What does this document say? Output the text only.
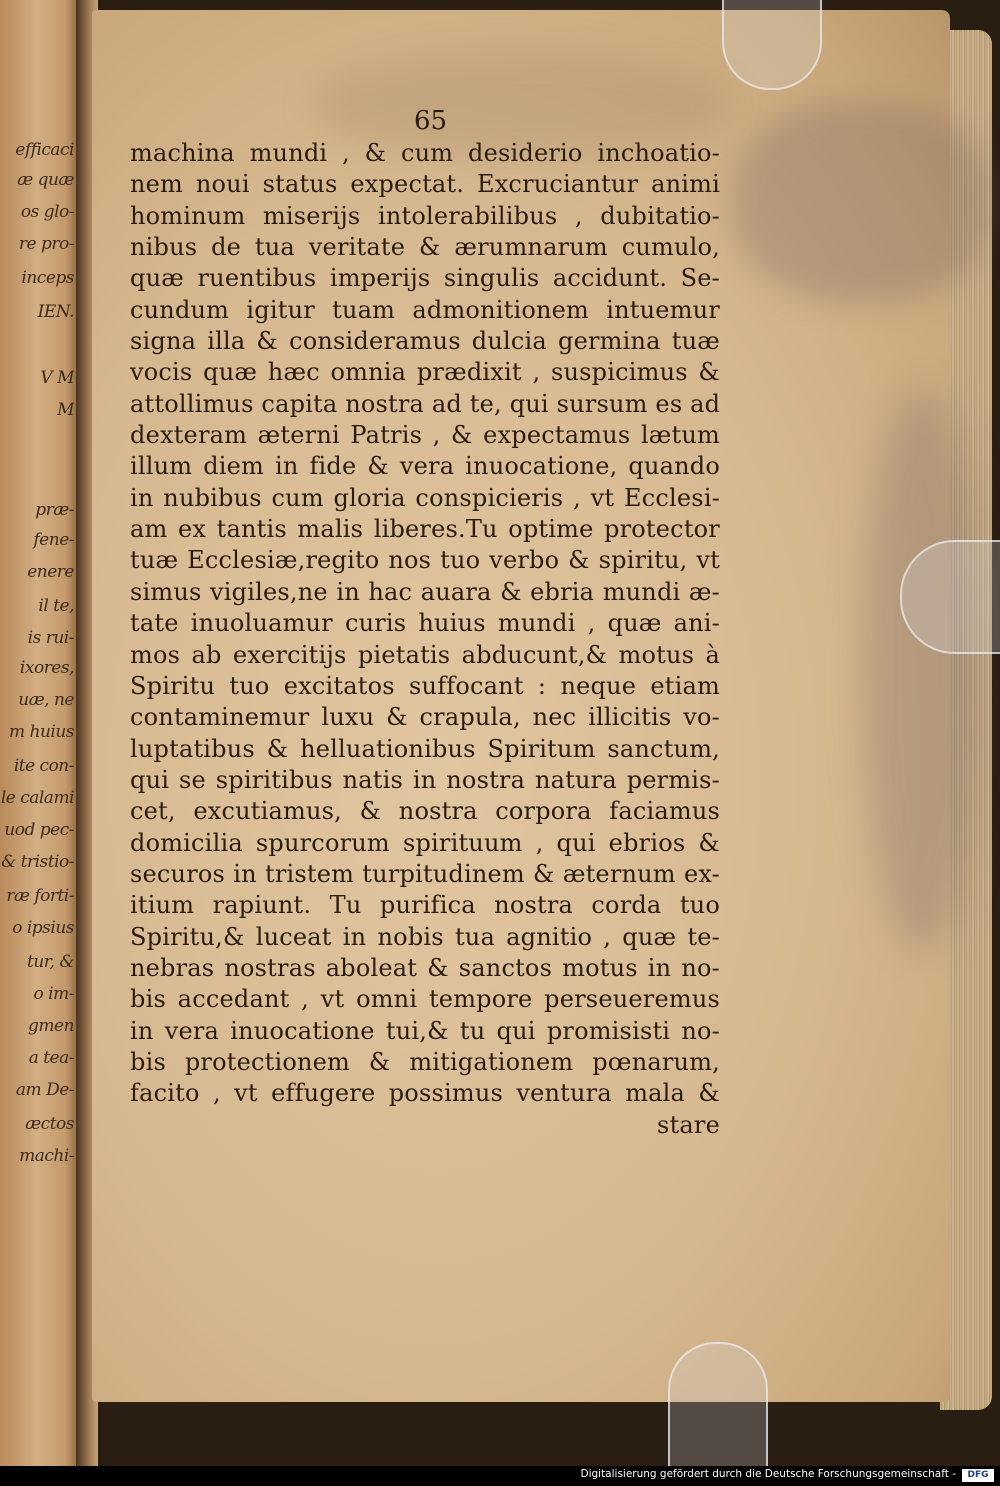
efficaci
æ quæ
os glo-
re pro-
inceps
IEN.
V M
M
præ-
fene-
enere
il te,
is rui-
ixores,
uæ, ne
m huius
ite con-
le calami
uod pec-
& tristio-
ræ forti-
o ipsius
tur, &
o im-
gmen
a tea-
am De-
æctos
machi-
65
machina mundi , & cum desiderio inchoatio-
nem noui status expectat. Excruciantur animi
hominum miserijs intolerabilibus , dubitatio-
nibus de tua veritate & ærumnarum cumulo,
quæ ruentibus imperijs singulis accidunt. Se-
cundum igitur tuam admonitionem intuemur
signa illa & consideramus dulcia germina tuæ
vocis quæ hæc omnia prædixit , suspicimus &
attollimus capita nostra ad te, qui sursum es ad
dexteram æterni Patris , & expectamus lætum
illum diem in fide & vera inuocatione, quando
in nubibus cum gloria conspicieris , vt Ecclesi-
am ex tantis malis liberes.Tu optime protector
tuæ Ecclesiæ,regito nos tuo verbo & spiritu, vt
simus vigiles,ne in hac auara & ebria mundi æ-
tate inuoluamur curis huius mundi , quæ ani-
mos ab exercitijs pietatis abducunt,& motus à
Spiritu tuo excitatos suffocant : neque etiam
contaminemur luxu & crapula, nec illicitis vo-
luptatibus & helluationibus Spiritum sanctum,
qui se spiritibus natis in nostra natura permis-
cet, excutiamus, & nostra corpora faciamus
domicilia spurcorum spirituum , qui ebrios &
securos in tristem turpitudinem & æternum ex-
itium rapiunt. Tu purifica nostra corda tuo
Spiritu,& luceat in nobis tua agnitio , quæ te-
nebras nostras aboleat & sanctos motus in no-
bis accedant , vt omni tempore perseueremus
in vera inuocatione tui,& tu qui promisisti no-
bis protectionem & mitigationem pœnarum,
facito , vt effugere possimus ventura mala &
stare
Digitalisierung gefördert durch die Deutsche Forschungsgemeinschaft -	DFG
